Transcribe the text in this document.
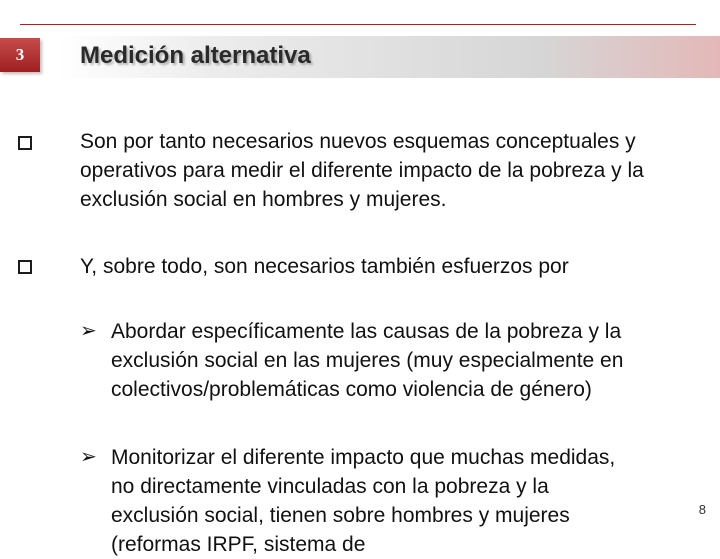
3 Medición alternativa
Son por tanto necesarios nuevos esquemas conceptuales y operativos para medir el diferente impacto de la pobreza y la exclusión social en hombres y mujeres.
Y, sobre todo, son necesarios también esfuerzos por
➢ Abordar específicamente las causas de la pobreza y la exclusión social en las mujeres (muy especialmente en colectivos/problemáticas como violencia de género)
➢ Monitorizar el diferente impacto que muchas medidas, no directamente vinculadas con la pobreza y la exclusión social, tienen sobre hombres y mujeres (reformas IRPF, sistema de
8
